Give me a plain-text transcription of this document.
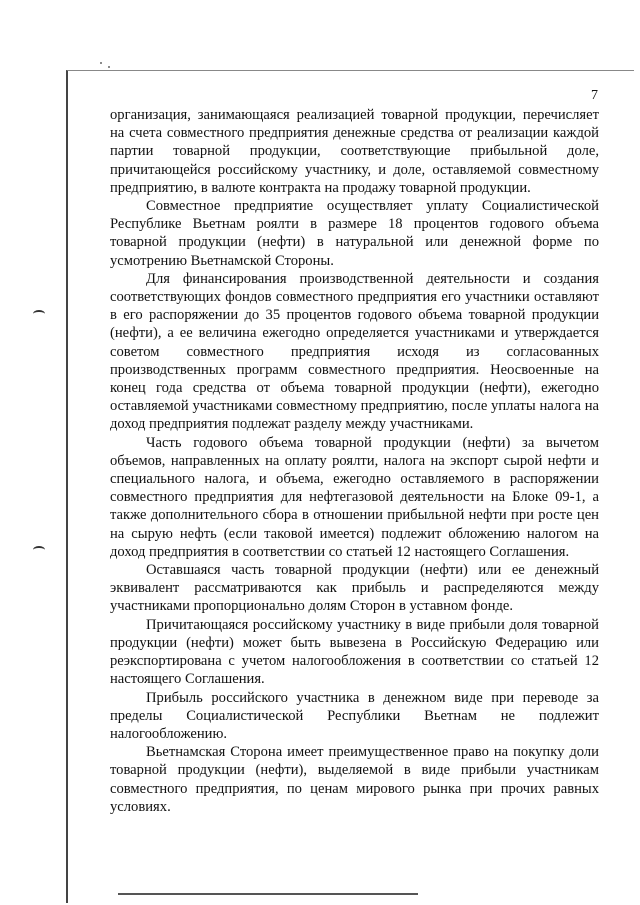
7

организация, занимающаяся реализацией товарной продукции, перечисляет на счета совместного предприятия денежные средства от реализации каждой партии товарной продукции, соответствующие прибыльной доле, причитающейся российскому участнику, и доле, оставляемой совместному предприятию, в валюте контракта на продажу товарной продукции.

Совместное предприятие осуществляет уплату Социалистической Республике Вьетнам роялти в размере 18 процентов годового объема товарной продукции (нефти) в натуральной или денежной форме по усмотрению Вьетнамской Стороны.

Для финансирования производственной деятельности и создания соответствующих фондов совместного предприятия его участники оставляют в его распоряжении до 35 процентов годового объема товарной продукции (нефти), а ее величина ежегодно определяется участниками и утверждается советом совместного предприятия исходя из согласованных производственных программ совместного предприятия. Неосвоенные на конец года средства от объема товарной продукции (нефти), ежегодно оставляемой участниками совместному предприятию, после уплаты налога на доход предприятия подлежат разделу между участниками.

Часть годового объема товарной продукции (нефти) за вычетом объемов, направленных на оплату роялти, налога на экспорт сырой нефти и специального налога, и объема, ежегодно оставляемого в распоряжении совместного предприятия для нефтегазовой деятельности на Блоке 09-1, а также дополнительного сбора в отношении прибыльной нефти при росте цен на сырую нефть (если таковой имеется) подлежит обложению налогом на доход предприятия в соответствии со статьей 12 настоящего Соглашения.

Оставшаяся часть товарной продукции (нефти) или ее денежный эквивалент рассматриваются как прибыль и распределяются между участниками пропорционально долям Сторон в уставном фонде.

Причитающаяся российскому участнику в виде прибыли доля товарной продукции (нефти) может быть вывезена в Российскую Федерацию или реэкспортирована с учетом налогообложения в соответствии со статьей 12 настоящего Соглашения.

Прибыль российского участника в денежном виде при переводе за пределы Социалистической Республики Вьетнам не подлежит налогообложению.

Вьетнамская Сторона имеет преимущественное право на покупку доли товарной продукции (нефти), выделяемой в виде прибыли участникам совместного предприятия, по ценам мирового рынка при прочих равных условиях.
